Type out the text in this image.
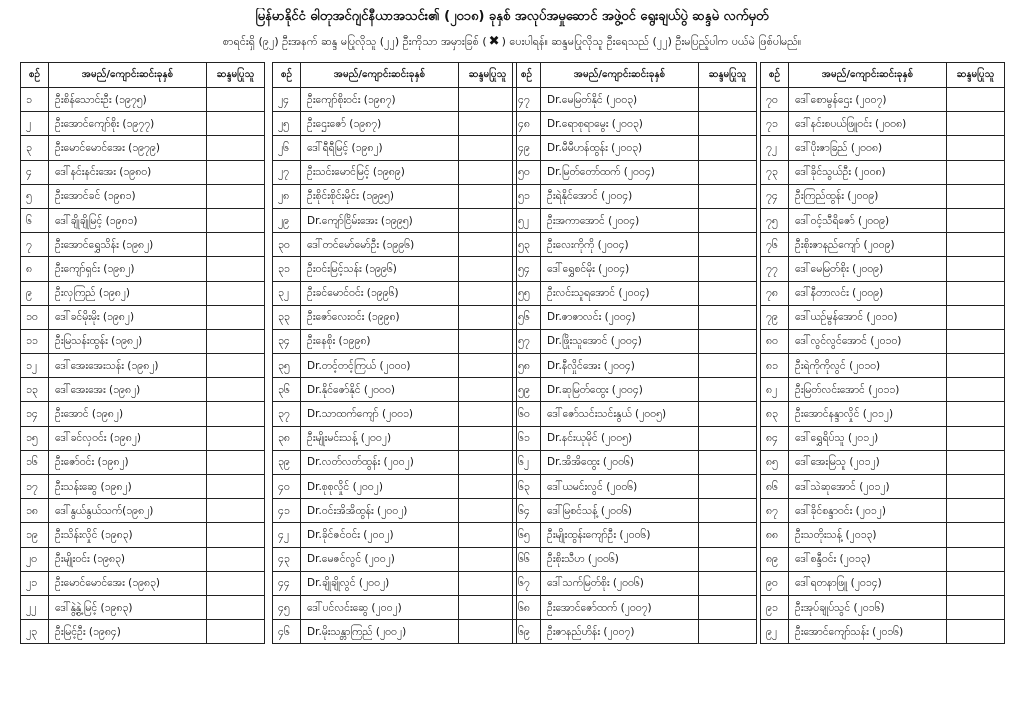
မြန်မာနိုင်ငံ ဓါတုအင်ဂျင်နီယာအသင်း၏ (၂၀၁၈) ခုနှစ် အလုပ်အမှုဆောင် အဖွဲ့ဝင် ရွေးချယ်ပွဲ ဆန္ဒမဲ လက်မှတ်
စာရင်းရှိ (၉၂) ဦးအနက် ဆန္ဒ မပြုလိုသူ (၂၂) ဦးကိုသာ အမှားခြစ် ( ✖ ) ပေးပါရန်။ ဆန္ဒမပြုလိုသူ ဦးရေသည် (၂၂) ဦးမပြည့်ပါက ပယ်မဲ ဖြစ်ပါမည်။
စဉ်	အမည်/ကျောင်းဆင်းခုနှစ်	ဆန္ဒမပြုသူ
၁	ဦးစိန်သောင်းဦး (၁၉၇၅)	
၂	ဦးအောင်ကျော်စိုး (၁၉၇၇)	
၃	ဦးမောင်မောင်အေး (၁၉၇၉)	
၄	ဒေါ်နင်းနင်းအေး (၁၉၈၀)	
၅	ဦးအောင်ခင် (၁၉၈၁)	
၆	ဒေါ်ချိုချိုမြင့် (၁၉၈၁)	
၇	ဦးအောင်ရွှေသိန်း (၁၉၈၂)	
၈	ဦးကျော်ရှင်း (၁၉၈၂)	
၉	ဦးလှကြည် (၁၉၈၂)	
၁၀	ဒေါ်ခင်မိုးမိုး (၁၉၈၂)	
၁၁	ဦးမြသန်းထွန်း (၁၉၈၂)	
၁၂	ဒေါ်အေးအေးသန်း (၁၉၈၂)	
၁၃	ဒေါ်အေးအေး (၁၉၈၂)	
၁၄	ဦးအောင် (၁၉၈၂)	
၁၅	ဒေါ်ခင်လှဝင်း (၁၉၈၂)	
၁၆	ဦးဇော်ဝင်း (၁၉၈၂)	
၁၇	ဦးသန်းဆွေ (၁၉၈၂)	
၁၈	ဒေါ်နွယ်နွယ်သက်(၁၉၈၂)	
၁၉	ဦးသိန်းလှိုင် (၁၉၈၃)	
၂၀	ဦးမျိုးဝင်း (၁၉၈၃)	
၂၁	ဦးမောင်မောင်အေး (၁၉၈၃)	
၂၂	ဒေါ်နွဲ့နွဲ့မြင့် (၁၉၈၃)	
၂၃	ဦးမြင့်ဦး (၁၉၈၄)	
စဉ်	အမည်/ကျောင်းဆင်းခုနှစ်	ဆန္ဒမပြုသူ
၂၄	ဦးကျော်စိုးဝင်း (၁၉၈၇)	
၂၅	ဦးဌေးဇော် (၁၉၈၇)	
၂၆	ဒေါ်ရီရီမြင့် (၁၉၈၂)	
၂၇	ဦးသင်းမောင်မြင့် (၁၉၈၉)	
၂၈	ဦးစိုင်းစိုင်းမိုင်း (၁၉၉၅)	
၂၉	Dr.ကျော်ငြိမ်းအေး (၁၉၉၅)	
၃၀	ဒေါ်တင်မော်မော်ဦး (၁၉၉၆)	
၃၁	ဦးဝင်းမြင့်သန်း (၁၉၉၆)	
၃၂	ဦးခင်မောင်ဝင်း (၁၉၉၆)	
၃၃	ဦးဇော်လေးဝင်း (၁၉၉၈)	
၃၄	ဦးနေစိုး (၁၉၉၈)	
၃၅	Dr.တင့်တင့်ကြယ် (၂၀၀၀)	
၃၆	Dr.နိုင်ဇော်နိုင် (၂၀၀၀)	
၃၇	Dr.သာထက်ကျော် (၂၀၀၁)	
၃၈	ဦးမျိုးမင်းသန့် (၂၀၀၂)	
၃၉	Dr.လတ်လတ်ထွန်း (၂၀၀၂)	
၄၀	Dr.စုစုလှိုင် (၂၀၀၂)	
၄၁	Dr.ဝင်းအိအိထွန်း (၂၀၀၂)	
၄၂	Dr.ခိုင်ဇင်ဝင်း (၂၀၀၂)	
၄၃	Dr.မေဇင်လွင် (၂၀၀၂)	
၄၄	Dr.ချိုချိုလွင် (၂၀၀၂)	
၄၅	ဒေါ်ပင်လင်းဆွေ (၂၀၀၂)	
၄၆	Dr.မိုးသန္တာကြည် (၂၀၀၂)	
စဉ်	အမည်/ကျောင်းဆင်းခုနှစ်	ဆန္ဒမပြုသူ
၄၇	Dr.မေမြတ်နိုင် (၂၀၀၃)	
၄၈	Dr.ရောစုရာမွေး (၂၀၀၃)	
၄၉	Dr.မီမီဟန်ထွန်း (၂၀၀၃)	
၅၀	Dr.မြတ်တော်ထက် (၂၀၀၄)	
၅၁	ဦးရဲနိုင်အောင် (၂၀၀၄)	
၅၂	ဦးအကာအောင် (၂၀၀၄)	
၅၃	ဦးလေးကိုကို (၂၀၀၄)	
၅၄	ဒေါ်ရွှေစင်မိုး (၂၀၀၄)	
၅၅	ဦးလင်းသူရအောင် (၂၀၀၄)	
၅၆	Dr.ဇာဇာလင်း (၂၀၀၄)	
၅၇	Dr.ဖြိုးသူအောင် (၂၀၀၄)	
၅၈	Dr.နီလှိုင်အေး (၂၀၀၄)	
၅၉	Dr.ဆုမြတ်ထွေး (၂၀၀၄)	
၆၀	ဒေါ်ဇော်သင်းသင်းနွယ် (၂၀၀၅)	
၆၁	Dr.နင်းယုမိုင် (၂၀၀၅)	
၆၂	Dr.အိအိထွေး (၂၀၀၆)	
၆၃	ဒေါ်ယမင်းလွင် (၂၀၀၆)	
၆၄	ဒေါ်မြစင်သန့် (၂၀၀၆)	
၆၅	ဦးမျိုးထွန်းကျော်ဦး (၂၀၀၆)	
၆၆	ဦးစိုးသီဟ (၂၀၀၆)	
၆၇	ဒေါ်သက်မြတ်စိုး (၂၀၀၆)	
၆၈	ဦးအောင်ဇော်ထက် (၂၀၀၇)	
၆၉	ဦးဇာနည်ဟိန်း (၂၀၀၇)	
စဉ်	အမည်/ကျောင်းဆင်းခုနှစ်	ဆန္ဒမပြုသူ
၇၀	ဒေါ်စောမွန်ဌေး (၂၀၀၇)	
၇၁	ဒေါ်နင်းစပယ်ဖြူဝင်း (၂၀၀၈)	
၇၂	ဒေါ်ပိုးဇာခြည် (၂၀၀၈)	
၇၃	ဒေါ်ခိုင်သွယ်ဦး (၂၀၀၈)	
၇၄	ဦးကြည်ထွန်း (၂၀၀၉)	
၇၅	ဒေါ်ဝင့်သီရိဇော် (၂၀၀၉)	
၇၆	ဦးစိုးဇာနည်ကျော် (၂၀၀၉)	
၇၇	ဒေါ်မေမြတ်စိုး (၂၀၀၉)	
၇၈	ဒေါ်နီတာလင်း (၂၀၀၉)	
၇၉	ဒေါ်ယဉ်မွန်အောင် (၂၀၁၀)	
၈၀	ဒေါ်လွင်လွင်အောင် (၂၀၁၀)	
၈၁	ဦးရဲကိုကိုလွင် (၂၀၁၀)	
၈၂	ဦးမြတ်လင်းအောင် (၂၀၁၁)	
၈၃	ဦးအောင်နန္ဒာလှိုင် (၂၀၁၂)	
၈၄	ဒေါ်ရွှေရိပ်သူ (၂၀၁၂)	
၈၅	ဒေါ်အေးမြသူ (၂၀၁၂)	
၈၆	ဒေါ်သဲဆုအောင် (၂၀၁၂)	
၈၇	ဒေါ်ခိုင်စန္ဒာဝင်း (၂၀၁၂)	
၈၈	ဦးသတိုးသန့် (၂၀၁၃)	
၈၉	ဒေါ်စန္ဒီဝင်း (၂၀၁၃)	
၉၀	ဒေါ်ရတနာဖြူ (၂၀၁၄)	
၉၁	ဦးအုပ်ချုပ်သွင် (၂၀၁၆)	
၉၂	ဦးအောင်ကျော်သန်း (၂၀၁၆)	
